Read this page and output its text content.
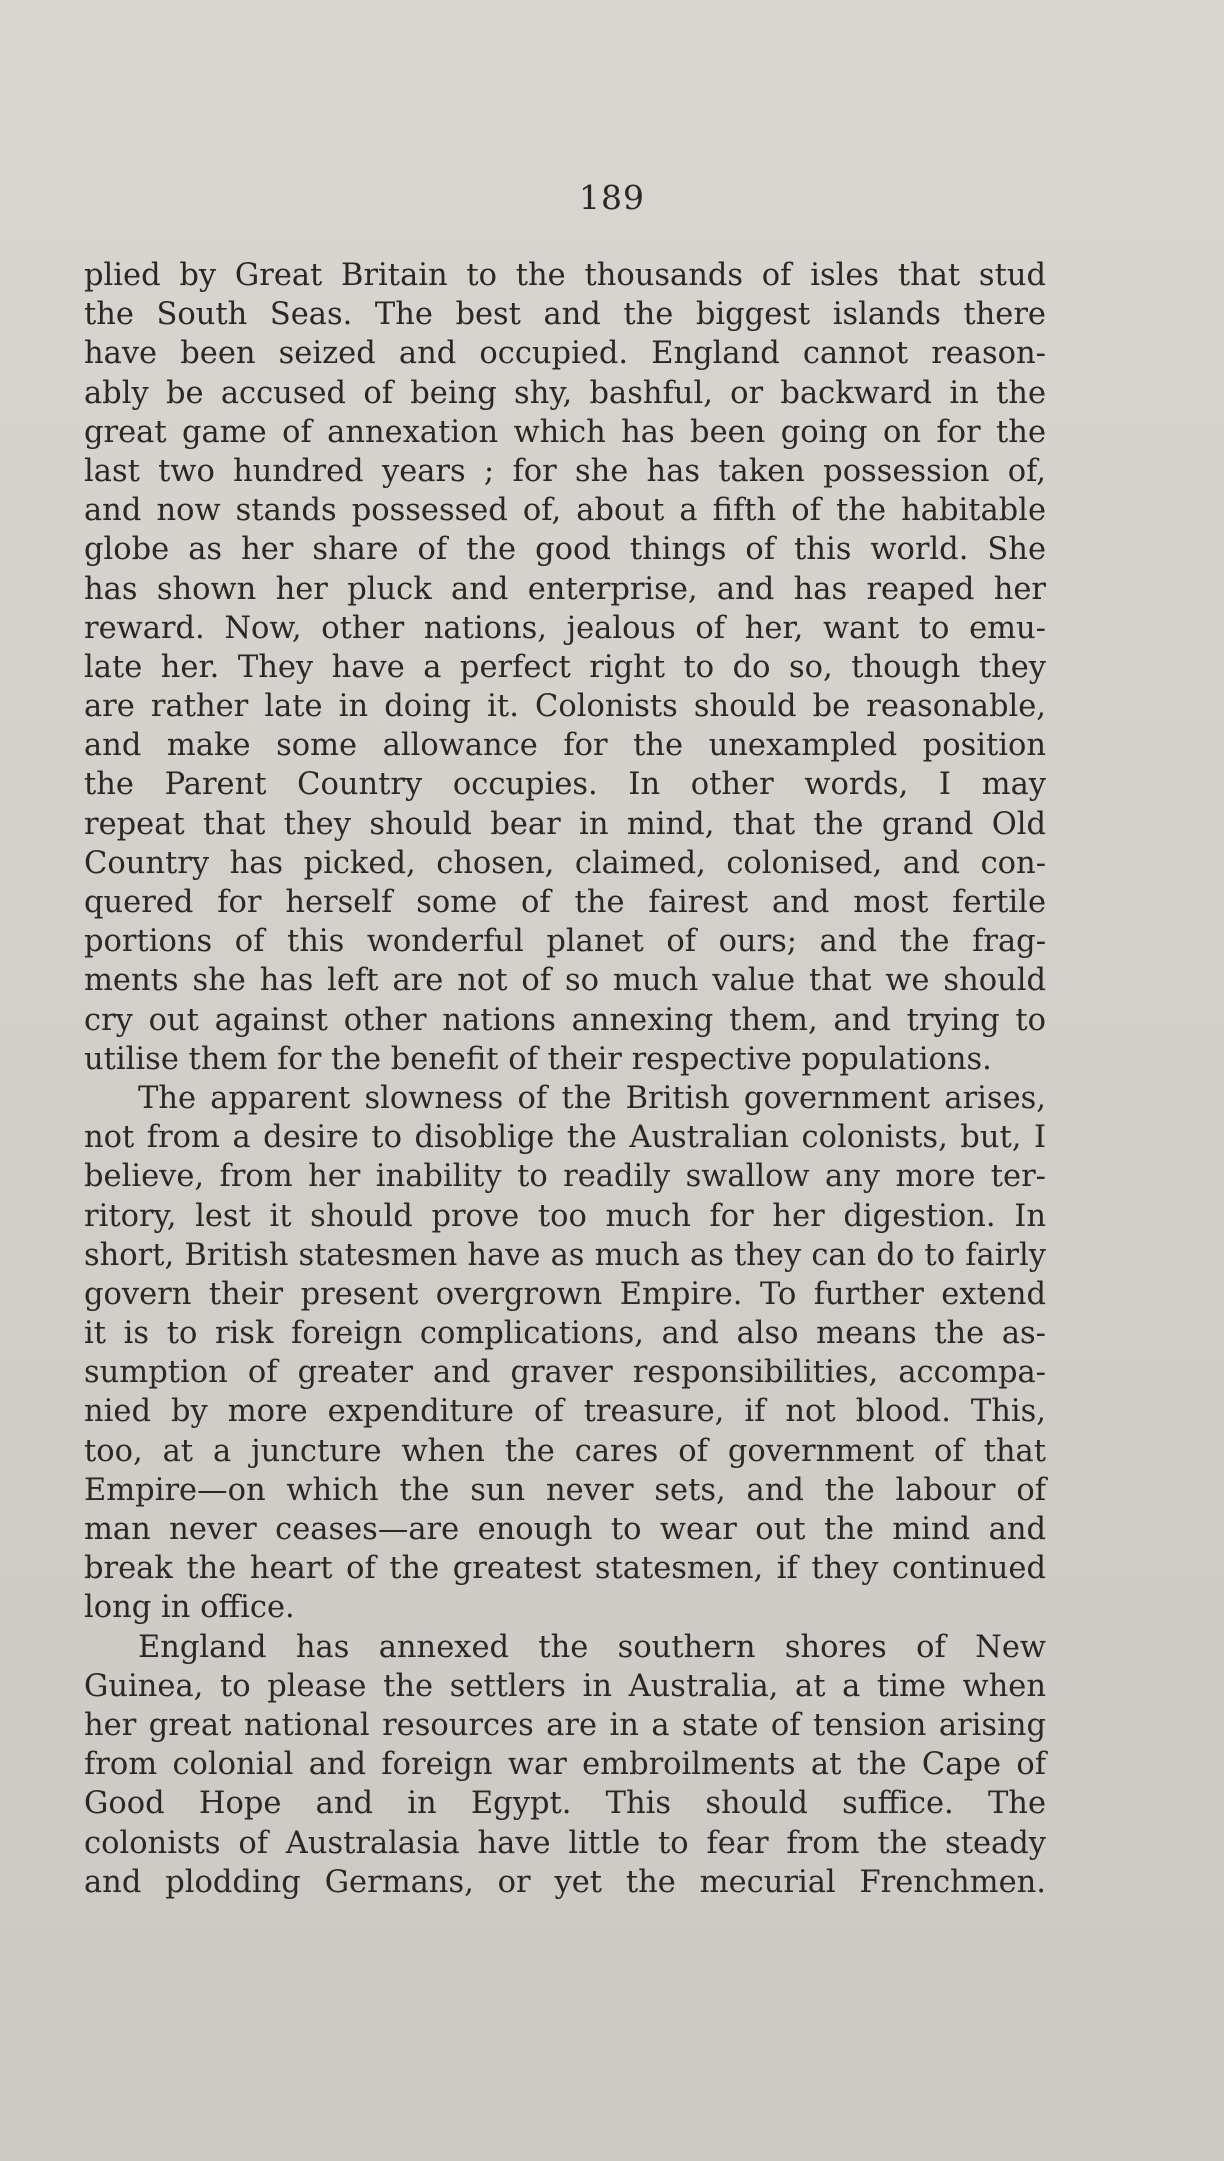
189
plied by Great Britain to the thousands of isles that stud
the South Seas. The best and the biggest islands there
have been seized and occupied. England cannot reason-
ably be accused of being shy, bashful, or backward in the
great game of annexation which has been going on for the
last two hundred years ; for she has taken possession of,
and now stands possessed of, about a fifth of the habitable
globe as her share of the good things of this world. She
has shown her pluck and enterprise, and has reaped her
reward. Now, other nations, jealous of her, want to emu-
late her. They have a perfect right to do so, though they
are rather late in doing it. Colonists should be reasonable,
and make some allowance for the unexampled position
the Parent Country occupies. In other words, I may
repeat that they should bear in mind, that the grand Old
Country has picked, chosen, claimed, colonised, and con-
quered for herself some of the fairest and most fertile
portions of this wonderful planet of ours; and the frag-
ments she has left are not of so much value that we should
cry out against other nations annexing them, and trying to
utilise them for the benefit of their respective populations.
The apparent slowness of the British government arises,
not from a desire to disoblige the Australian colonists, but, I
believe, from her inability to readily swallow any more ter-
ritory, lest it should prove too much for her digestion. In
short, British statesmen have as much as they can do to fairly
govern their present overgrown Empire. To further extend
it is to risk foreign complications, and also means the as-
sumption of greater and graver responsibilities, accompa-
nied by more expenditure of treasure, if not blood. This,
too, at a juncture when the cares of government of that
Empire—on which the sun never sets, and the labour of
man never ceases—are enough to wear out the mind and
break the heart of the greatest statesmen, if they continued
long in office.
England has annexed the southern shores of New
Guinea, to please the settlers in Australia, at a time when
her great national resources are in a state of tension arising
from colonial and foreign war embroilments at the Cape of
Good Hope and in Egypt. This should suffice. The
colonists of Australasia have little to fear from the steady
and plodding Germans, or yet the mecurial Frenchmen.
